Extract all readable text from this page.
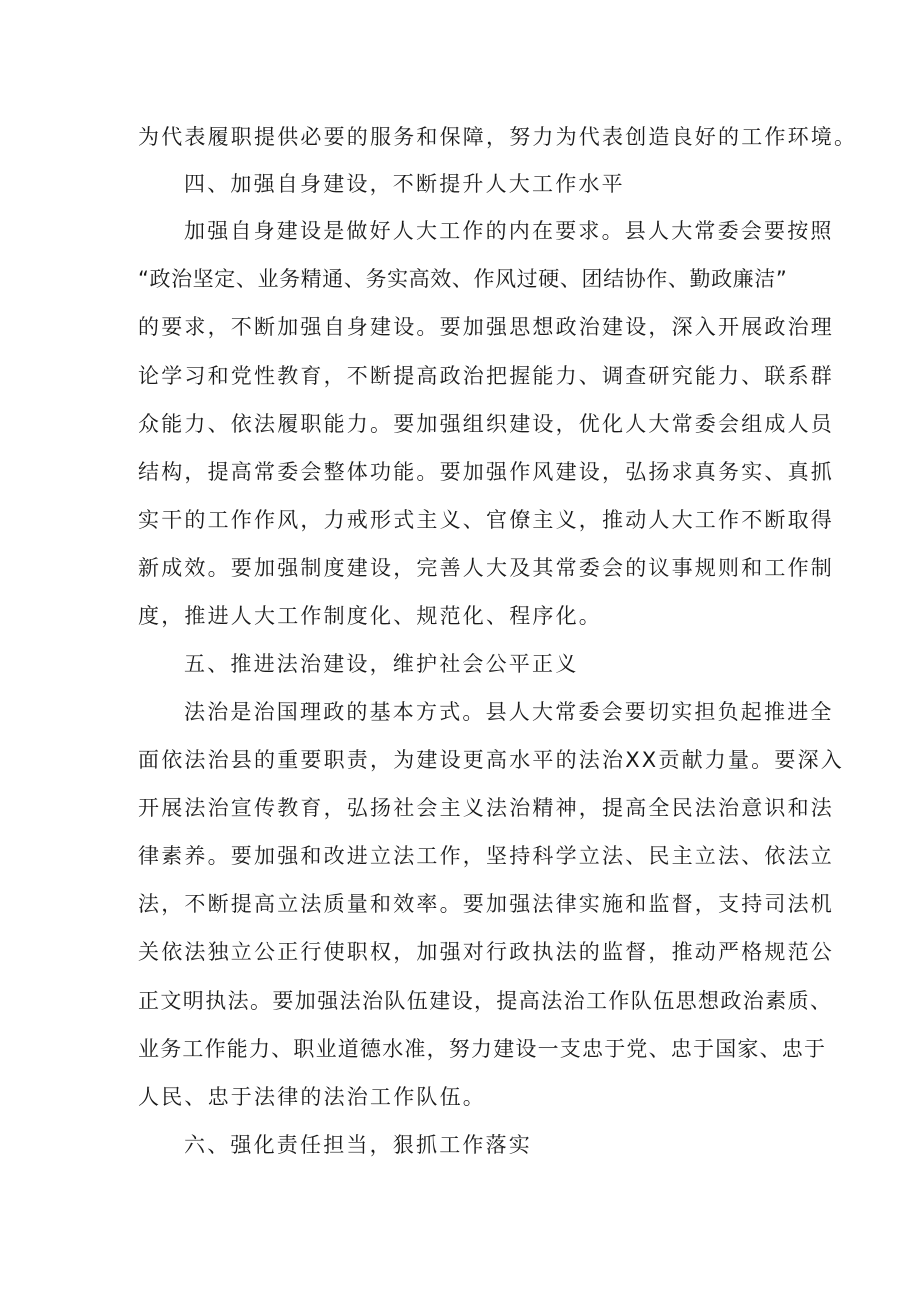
为代表履职提供必要的服务和保障，努力为代表创造良好的工作环境。
四、加强自身建设，不断提升人大工作水平
加强自身建设是做好人大工作的内在要求。县人大常委会要按照
“政治坚定、业务精通、务实高效、作风过硬、团结协作、勤政廉洁”
的要求，不断加强自身建设。要加强思想政治建设，深入开展政治理
论学习和党性教育，不断提高政治把握能力、调查研究能力、联系群
众能力、依法履职能力。要加强组织建设，优化人大常委会组成人员
结构，提高常委会整体功能。要加强作风建设，弘扬求真务实、真抓
实干的工作作风，力戒形式主义、官僚主义，推动人大工作不断取得
新成效。要加强制度建设，完善人大及其常委会的议事规则和工作制
度，推进人大工作制度化、规范化、程序化。
五、推进法治建设，维护社会公平正义
法治是治国理政的基本方式。县人大常委会要切实担负起推进全
面依法治县的重要职责，为建设更高水平的法治XX贡献力量。要深入
开展法治宣传教育，弘扬社会主义法治精神，提高全民法治意识和法
律素养。要加强和改进立法工作，坚持科学立法、民主立法、依法立
法，不断提高立法质量和效率。要加强法律实施和监督，支持司法机
关依法独立公正行使职权，加强对行政执法的监督，推动严格规范公
正文明执法。要加强法治队伍建设，提高法治工作队伍思想政治素质、
业务工作能力、职业道德水准，努力建设一支忠于党、忠于国家、忠于
人民、忠于法律的法治工作队伍。
六、强化责任担当，狠抓工作落实
